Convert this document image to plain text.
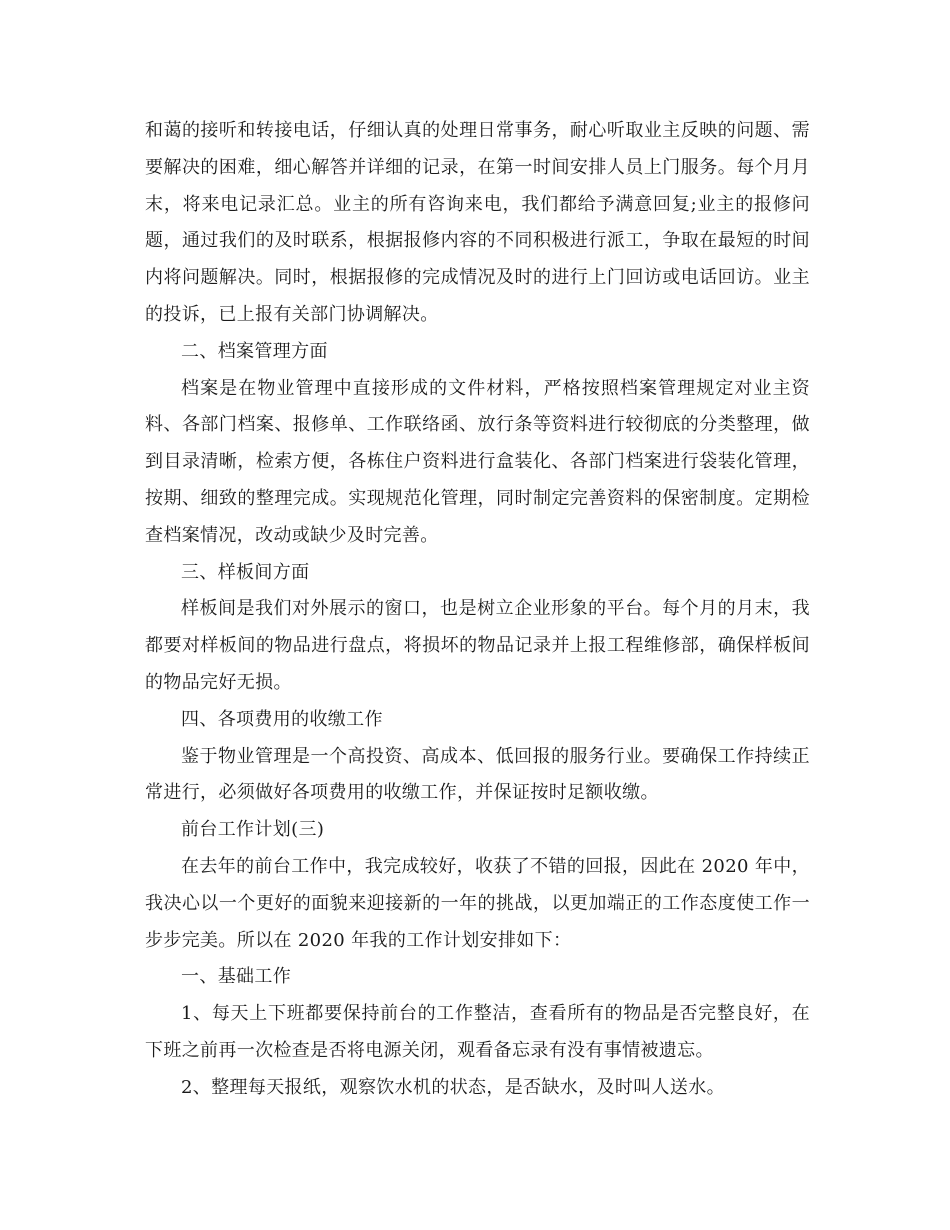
和蔼的接听和转接电话，仔细认真的处理日常事务，耐心听取业主反映的问题、需要解决的困难，细心解答并详细的记录，在第一时间安排人员上门服务。每个月月末，将来电记录汇总。业主的所有咨询来电，我们都给予满意回复;业主的报修问题，通过我们的及时联系，根据报修内容的不同积极进行派工，争取在最短的时间内将问题解决。同时，根据报修的完成情况及时的进行上门回访或电话回访。业主的投诉，已上报有关部门协调解决。

二、档案管理方面

档案是在物业管理中直接形成的文件材料，严格按照档案管理规定对业主资料、各部门档案、报修单、工作联络函、放行条等资料进行较彻底的分类整理，做到目录清晰，检索方便，各栋住户资料进行盒装化、各部门档案进行袋装化管理，按期、细致的整理完成。实现规范化管理，同时制定完善资料的保密制度。定期检查档案情况，改动或缺少及时完善。

三、样板间方面

样板间是我们对外展示的窗口，也是树立企业形象的平台。每个月的月末，我都要对样板间的物品进行盘点，将损坏的物品记录并上报工程维修部，确保样板间的物品完好无损。

四、各项费用的收缴工作

鉴于物业管理是一个高投资、高成本、低回报的服务行业。要确保工作持续正常进行，必须做好各项费用的收缴工作，并保证按时足额收缴。

前台工作计划(三)

在去年的前台工作中，我完成较好，收获了不错的回报，因此在 2020 年中，我决心以一个更好的面貌来迎接新的一年的挑战，以更加端正的工作态度使工作一步步完美。所以在 2020 年我的工作计划安排如下：

一、基础工作

1、每天上下班都要保持前台的工作整洁，查看所有的物品是否完整良好，在下班之前再一次检查是否将电源关闭，观看备忘录有没有事情被遗忘。

2、整理每天报纸，观察饮水机的状态，是否缺水，及时叫人送水。
